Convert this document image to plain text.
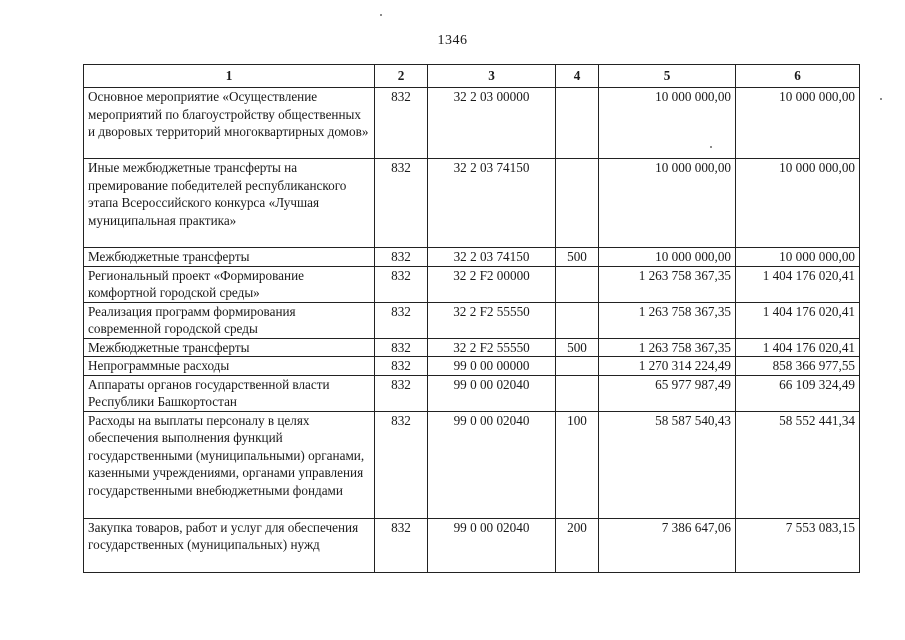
1346
1	2	3	4	5	6
Основное мероприятие «Осуществление мероприятий по благоустройству общественных и дворовых территорий многоквартирных домов»	832	32 2 03 00000		10 000 000,00	10 000 000,00
Иные межбюджетные трансферты на премирование победителей республиканского этапа Всероссийского конкурса «Лучшая муниципальная практика»	832	32 2 03 74150		10 000 000,00	10 000 000,00
Межбюджетные трансферты	832	32 2 03 74150	500	10 000 000,00	10 000 000,00
Региональный проект «Формирование комфортной городской среды»	832	32 2 F2 00000		1 263 758 367,35	1 404 176 020,41
Реализация программ формирования современной городской среды	832	32 2 F2 55550		1 263 758 367,35	1 404 176 020,41
Межбюджетные трансферты	832	32 2 F2 55550	500	1 263 758 367,35	1 404 176 020,41
Непрограммные расходы	832	99 0 00 00000		1 270 314 224,49	858 366 977,55
Аппараты органов государственной власти Республики Башкортостан	832	99 0 00 02040		65 977 987,49	66 109 324,49
Расходы на выплаты персоналу в целях обеспечения выполнения функций государственными (муниципальными) органами, казенными учреждениями, органами управления государственными внебюджетными фондами	832	99 0 00 02040	100	58 587 540,43	58 552 441,34
Закупка товаров, работ и услуг для обеспечения государственных (муниципальных) нужд	832	99 0 00 02040	200	7 386 647,06	7 553 083,15
